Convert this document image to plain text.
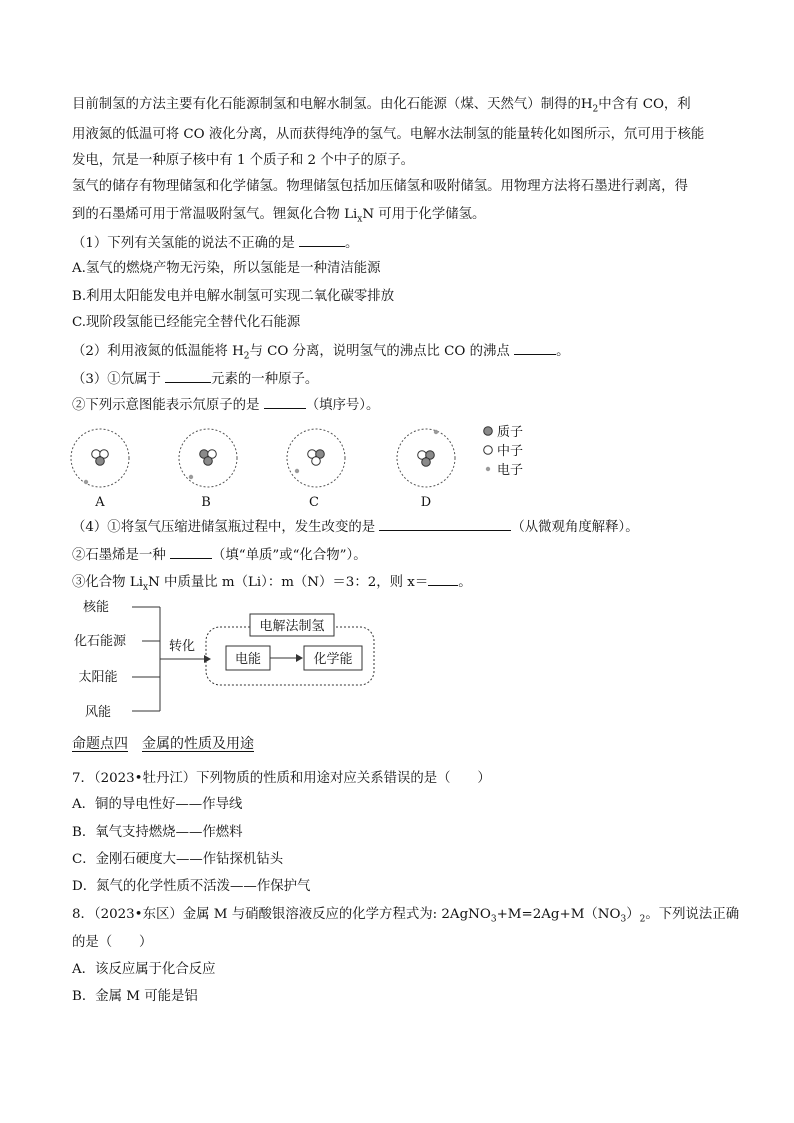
目前制氢的方法主要有化石能源制氢和电解水制氢。由化石能源（煤、天然气）制得的$H_2$中含有 CO，利
用液氮的低温可将 CO 液化分离，从而获得纯净的氢气。电解水法制氢的能量转化如图所示，氘可用于核能
发电，氘是一种原子核中有 1 个质子和 2 个中子的原子。
氢气的储存有物理储氢和化学储氢。物理储氢包括加压储氢和吸附储氢。用物理方法将石墨进行剥离，得
到的石墨烯可用于常温吸附氢气。锂氮化合物 $Li_xN$ 可用于化学储氢。
（1）下列有关氢能的说法不正确的是	。
A.氢气的燃烧产物无污染，所以氢能是一种清洁能源
B.利用太阳能发电并电解水制氢可实现二氧化碳零排放
C.现阶段氢能已经能完全替代化石能源
（2）利用液氮的低温能将 $H_2$与 CO 分离，说明氢气的沸点比 CO 的沸点	。
（3）①氘属于	元素的一种原子。
②下列示意图能表示氘原子的是	（填序号）。
A	B	C	D
质子
中子
电子
（4）①将氢气压缩进储氢瓶过程中，发生改变的是	（从微观角度解释）。
②石墨烯是一种	（填“单质”或“化合物”）。
③化合物 $Li_xN$ 中质量比 m（Li）：m（N）＝3：2，则 x＝ 。
核能
化石能源
太阳能
风能
转化
电解法制氢
电能	化学能
命题点四 金属的性质及用途
7．（2023•牡丹江）下列物质的性质和用途对应关系错误的是（　　）
A．铜的导电性好——作导线
B．氧气支持燃烧——作燃料
C．金刚石硬度大——作钻探机钻头
D．氮气的化学性质不活泼——作保护气
8．（2023•东区）金属 M 与硝酸银溶液反应的化学方程式为: $2AgNO_3+M=2Ag+M(NO_3)_2$。下列说法正确
的是（　　）
A．该反应属于化合反应
B．金属 M 可能是铝
